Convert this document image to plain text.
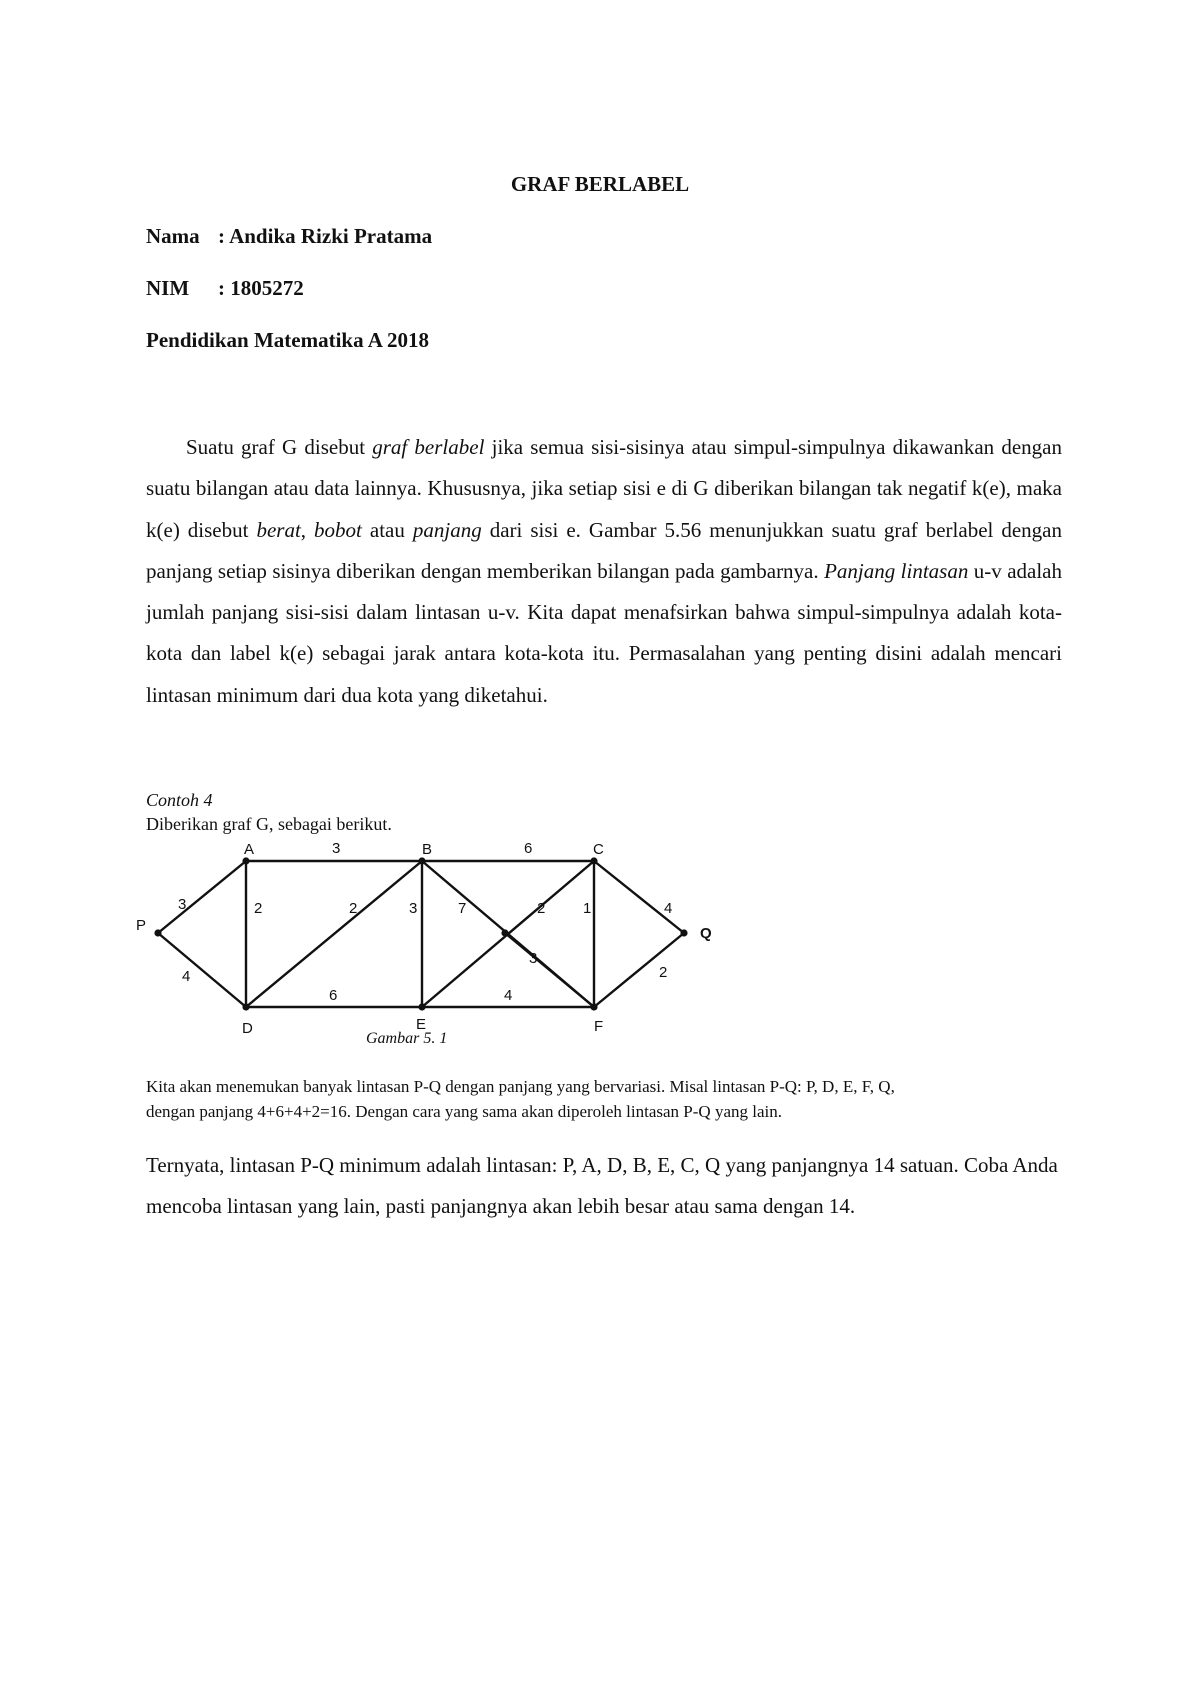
GRAF BERLABEL
Nama : Andika Rizki Pratama
NIM : 1805272
Pendidikan Matematika A 2018

Suatu graf G disebut graf berlabel jika semua sisi-sisinya atau simpul-simpulnya dikawankan dengan suatu bilangan atau data lainnya. Khususnya, jika setiap sisi e di G diberikan bilangan tak negatif k(e), maka k(e) disebut berat, bobot atau panjang dari sisi e. Gambar 5.56 menunjukkan suatu graf berlabel dengan panjang setiap sisinya diberikan dengan memberikan bilangan pada gambarnya. Panjang lintasan u-v adalah jumlah panjang sisi-sisi dalam lintasan u-v. Kita dapat menafsirkan bahwa simpul-simpulnya adalah kota-kota dan label k(e) sebagai jarak antara kota-kota itu. Permasalahan yang penting disini adalah mencari lintasan minimum dari dua kota yang diketahui.

Contoh 4
Diberikan graf G, sebagai berikut.
P
A	B	C
Q
D	E	F
3
4
3	6
2	2	3	7	2	1	4
2
6	4
3
Gambar 5. 1

Kita akan menemukan banyak lintasan P-Q dengan panjang yang bervariasi. Misal lintasan P-Q: P, D, E, F, Q,

dengan panjang 4+6+4+2=16. Dengan cara yang sama akan diperoleh lintasan P-Q yang lain.

Ternyata, lintasan P-Q minimum adalah lintasan: P, A, D, B, E, C, Q yang panjangnya 14 satuan. Coba Anda mencoba lintasan yang lain, pasti panjangnya akan lebih besar atau sama dengan 14.
